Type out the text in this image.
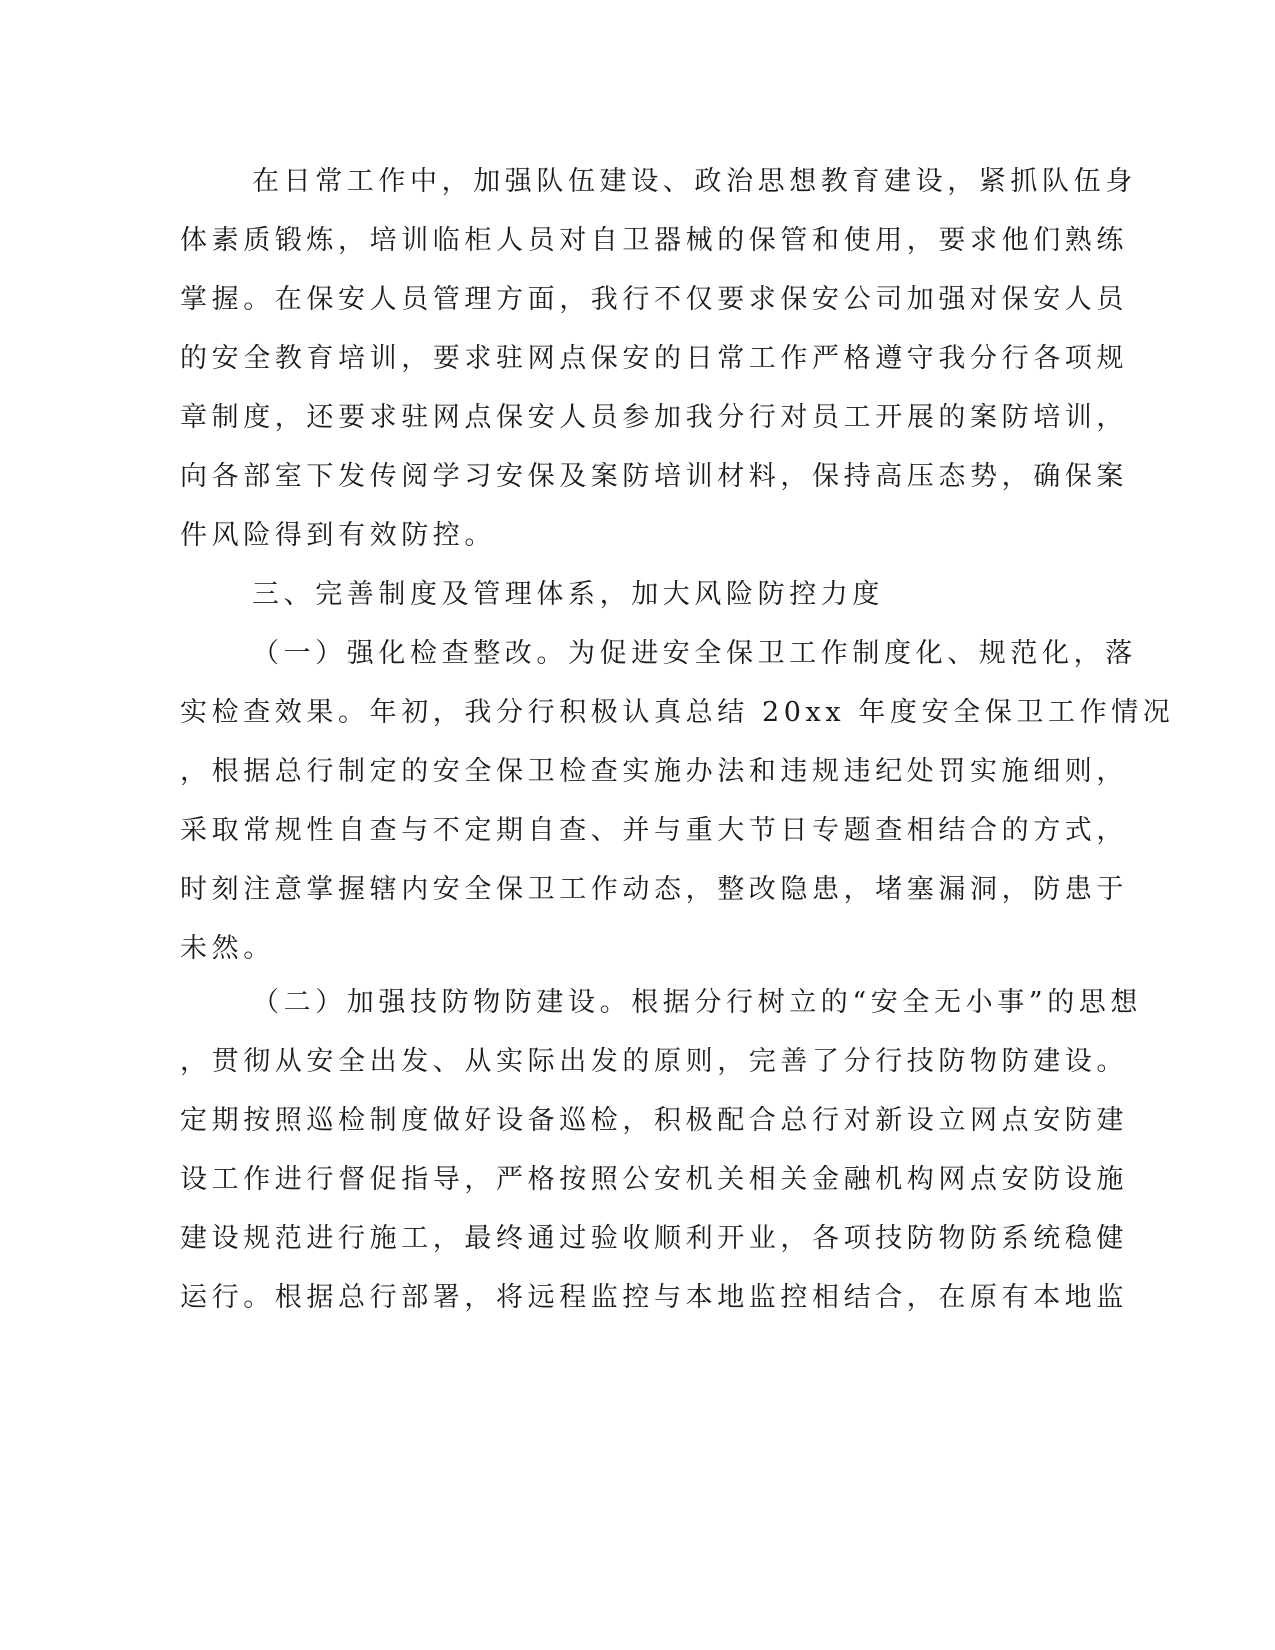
在日常工作中，加强队伍建设、政治思想教育建设，紧抓队伍身
体素质锻炼，培训临柜人员对自卫器械的保管和使用，要求他们熟练
掌握。在保安人员管理方面，我行不仅要求保安公司加强对保安人员
的安全教育培训，要求驻网点保安的日常工作严格遵守我分行各项规
章制度，还要求驻网点保安人员参加我分行对员工开展的案防培训，
向各部室下发传阅学习安保及案防培训材料，保持高压态势，确保案
件风险得到有效防控。
三、完善制度及管理体系，加大风险防控力度
（一）强化检查整改。为促进安全保卫工作制度化、规范化，落
实检查效果。年初，我分行积极认真总结 20xx 年度安全保卫工作情况
，根据总行制定的安全保卫检查实施办法和违规违纪处罚实施细则，
采取常规性自查与不定期自查、并与重大节日专题查相结合的方式，
时刻注意掌握辖内安全保卫工作动态，整改隐患，堵塞漏洞，防患于
未然。
（二）加强技防物防建设。根据分行树立的“安全无小事”的思想
，贯彻从安全出发、从实际出发的原则，完善了分行技防物防建设。
定期按照巡检制度做好设备巡检，积极配合总行对新设立网点安防建
设工作进行督促指导，严格按照公安机关相关金融机构网点安防设施
建设规范进行施工，最终通过验收顺利开业，各项技防物防系统稳健
运行。根据总行部署，将远程监控与本地监控相结合，在原有本地监
